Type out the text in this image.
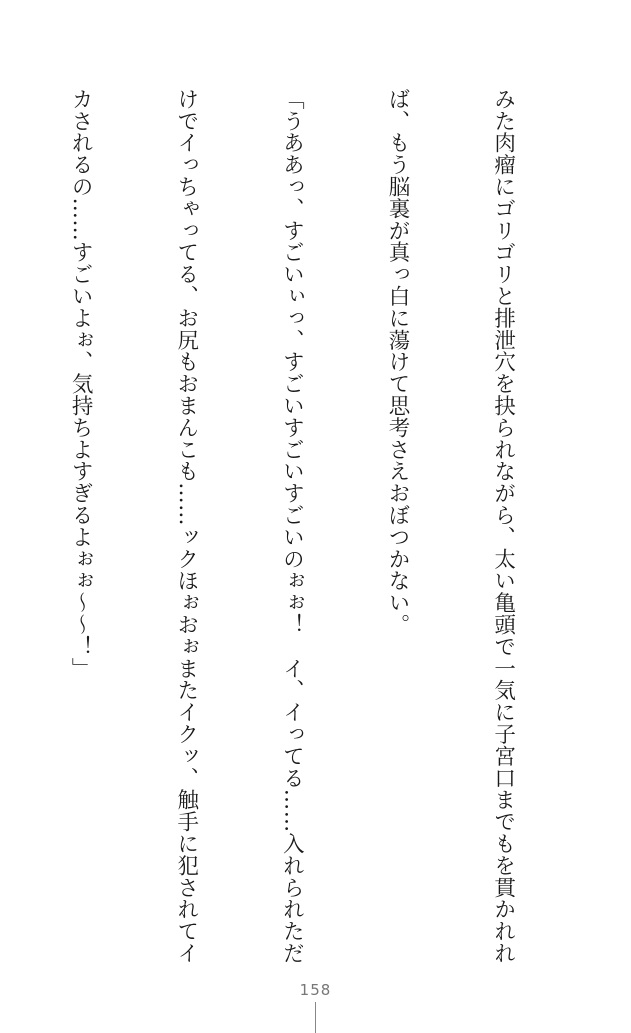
みた肉瘤にゴリゴリと排泄穴を抉られながら、太い亀頭で一気に子宮口までもを貫かれれ

ば、もう脳裏が真っ白に蕩けて思考さえおぼつかない。

「うああっ、すごいぃっ、すごいすごいすごいのぉぉ！　イ、イってる……入れられただ

けでイっちゃってる、お尻もおまんこも……ックほぉおぉまたイクッ、触手に犯されてイ

カされるの……すごいよぉ、気持ちよすぎるよぉぉ～～！」

158
